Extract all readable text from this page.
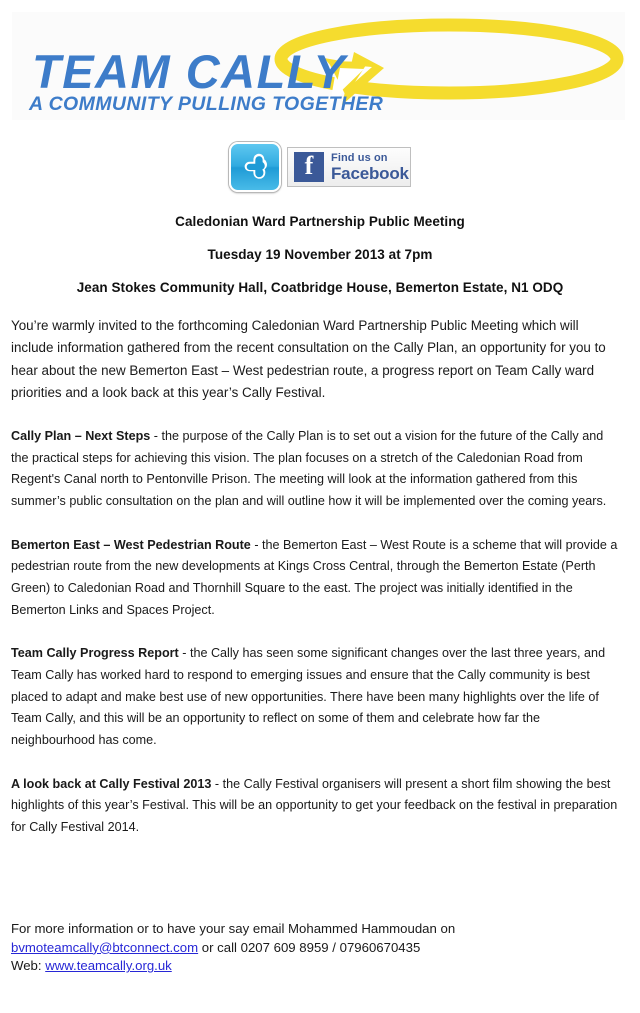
TEAM CALLY
A COMMUNITY PULLING TOGETHER
f
Find us on
Facebook

Caledonian Ward Partnership Public Meeting

Tuesday 19 November 2013 at 7pm

Jean Stokes Community Hall, Coatbridge House, Bemerton Estate, N1 ODQ

You’re warmly invited to the forthcoming Caledonian Ward Partnership Public Meeting which will include information gathered from the recent consultation on the Cally Plan, an opportunity for you to hear about the new Bemerton East – West pedestrian route, a progress report on Team Cally ward priorities and a look back at this year’s Cally Festival.

Cally Plan – Next Steps - the purpose of the Cally Plan is to set out a vision for the future of the Cally and the practical steps for achieving this vision. The plan focuses on a stretch of the Caledonian Road from Regent's Canal north to Pentonville Prison. The meeting will look at the information gathered from this summer’s public consultation on the plan and will outline how it will be implemented over the coming years.

Bemerton East – West Pedestrian Route - the Bemerton East – West Route is a scheme that will provide a pedestrian route from the new developments at Kings Cross Central, through the Bemerton Estate (Perth Green) to Caledonian Road and Thornhill Square to the east. The project was initially identified in the Bemerton Links and Spaces Project.

Team Cally Progress Report - the Cally has seen some significant changes over the last three years, and Team Cally has worked hard to respond to emerging issues and ensure that the Cally community is best placed to adapt and make best use of new opportunities. There have been many highlights over the life of Team Cally, and this will be an opportunity to reflect on some of them and celebrate how far the neighbourhood has come.

A look back at Cally Festival 2013 - the Cally Festival organisers will present a short film showing the best highlights of this year’s Festival. This will be an opportunity to get your feedback on the festival in preparation for Cally Festival 2014.

For more information or to have your say email Mohammed Hammoudan on
bvmoteamcally@btconnect.com or call 0207 609 8959 / 07960670435
Web: www.teamcally.org.uk
